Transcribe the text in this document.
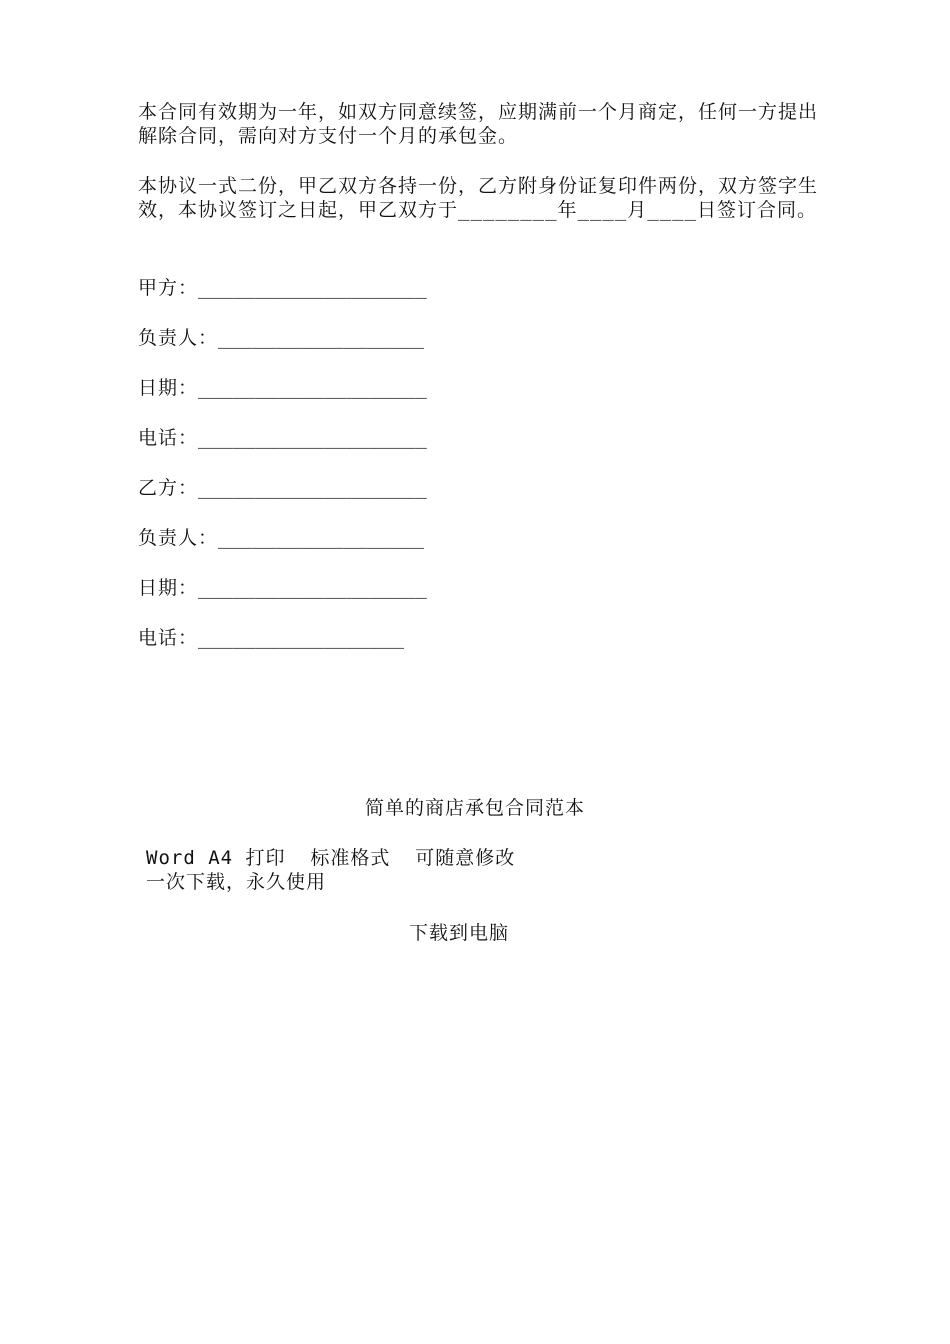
本合同有效期为一年，如双方同意续签，应期满前一个月商定，任何一方提出解除合同，需向对方支付一个月的承包金。

本协议一式二份，甲乙双方各持一份，乙方附身份证复印件两份，双方签字生效，本协议签订之日起，甲乙双方于________年____月____日签订合同。

甲方：____________________
负责人：__________________
日期：____________________
电话：____________________
乙方：____________________
负责人：__________________
日期：____________________
电话：__________________
简单的商店承包合同范本
Word A4 打印  标准格式  可随意修改
一次下载，永久使用
下载到电脑
